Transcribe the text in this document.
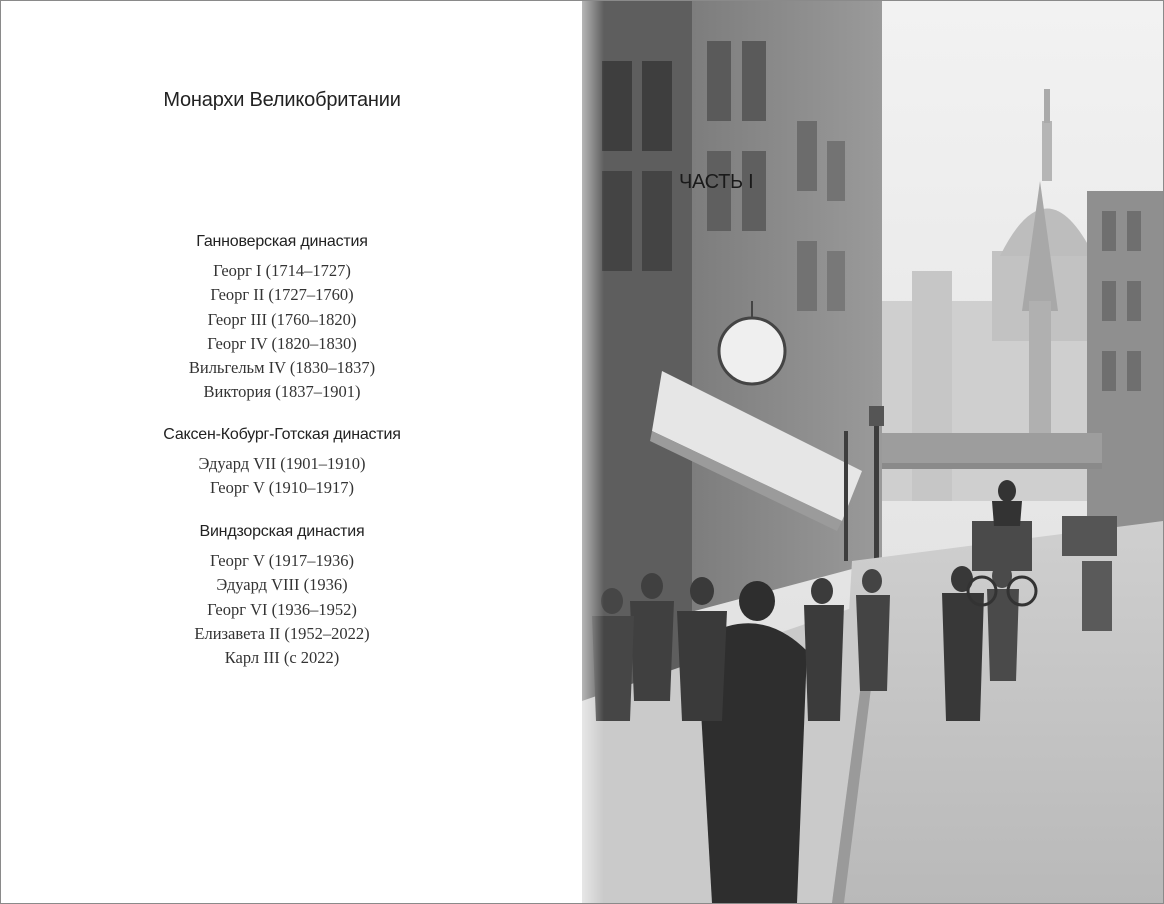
Монархи Великобритании
Ганноверская династия
Георг I (1714–1727)
Георг II (1727–1760)
Георг III (1760–1820)
Георг IV (1820–1830)
Вильгельм IV (1830–1837)
Виктория (1837–1901)
Саксен-Кобург-Готская династия
Эдуард VII (1901–1910)
Георг V (1910–1917)
Виндзорская династия
Георг V (1917–1936)
Эдуард VIII (1936)
Георг VI (1936–1952)
Елизавета II (1952–2022)
Карл III (с 2022)
ЧАСТЬ I
